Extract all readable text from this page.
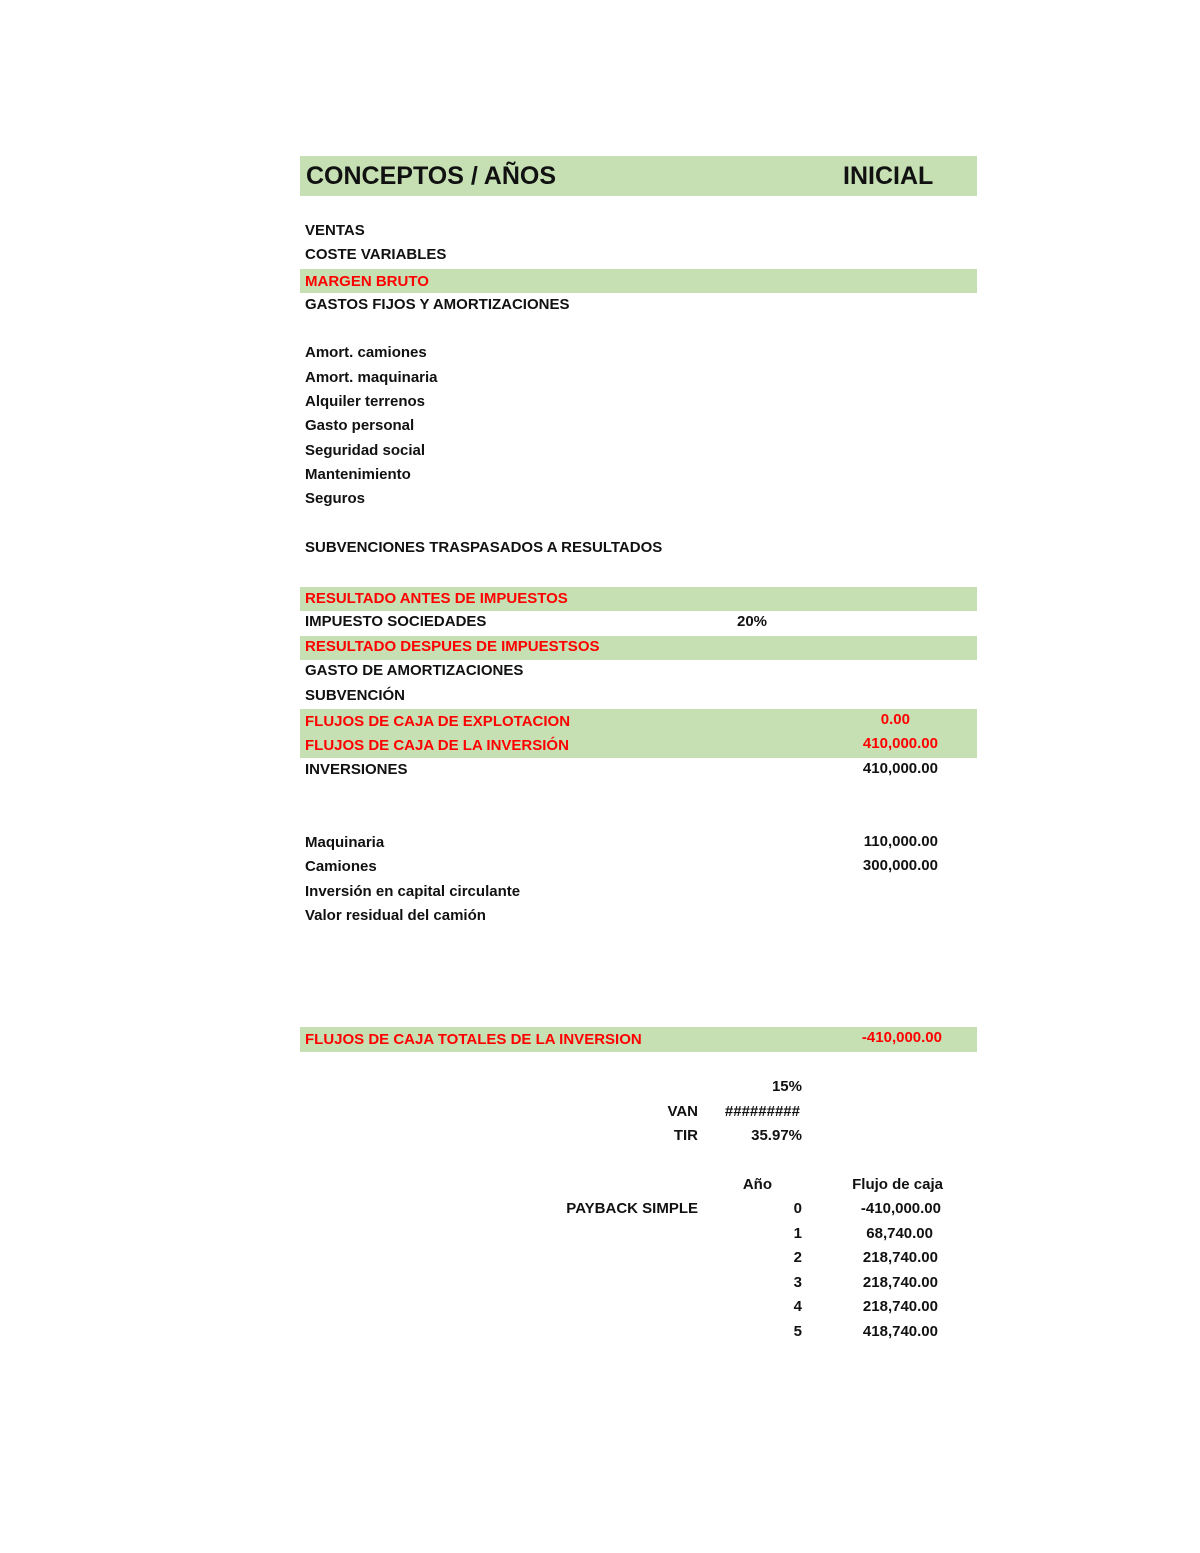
CONCEPTOS / AÑOS	INICIAL
VENTAS
COSTE VARIABLES
MARGEN BRUTO
GASTOS FIJOS Y AMORTIZACIONES
Amort. camiones
Amort. maquinaria
Alquiler terrenos
Gasto personal
Seguridad social
Mantenimiento
Seguros
SUBVENCIONES TRASPASADOS A RESULTADOS
RESULTADO ANTES DE IMPUESTOS
IMPUESTO SOCIEDADES	20%
RESULTADO DESPUES DE IMPUESTSOS
GASTO DE AMORTIZACIONES
SUBVENCIÓN
FLUJOS DE CAJA DE EXPLOTACION	0.00
FLUJOS DE CAJA DE LA INVERSIÓN	410,000.00
INVERSIONES	410,000.00
Maquinaria	110,000.00
Camiones	300,000.00
Inversión en capital circulante
Valor residual del camión
FLUJOS DE CAJA TOTALES DE LA INVERSION	-410,000.00
15%
VAN	#########
TIR	35.97%
Año	Flujo de caja
PAYBACK SIMPLE	0	-410,000.00
1	68,740.00
2	218,740.00
3	218,740.00
4	218,740.00
5	418,740.00
